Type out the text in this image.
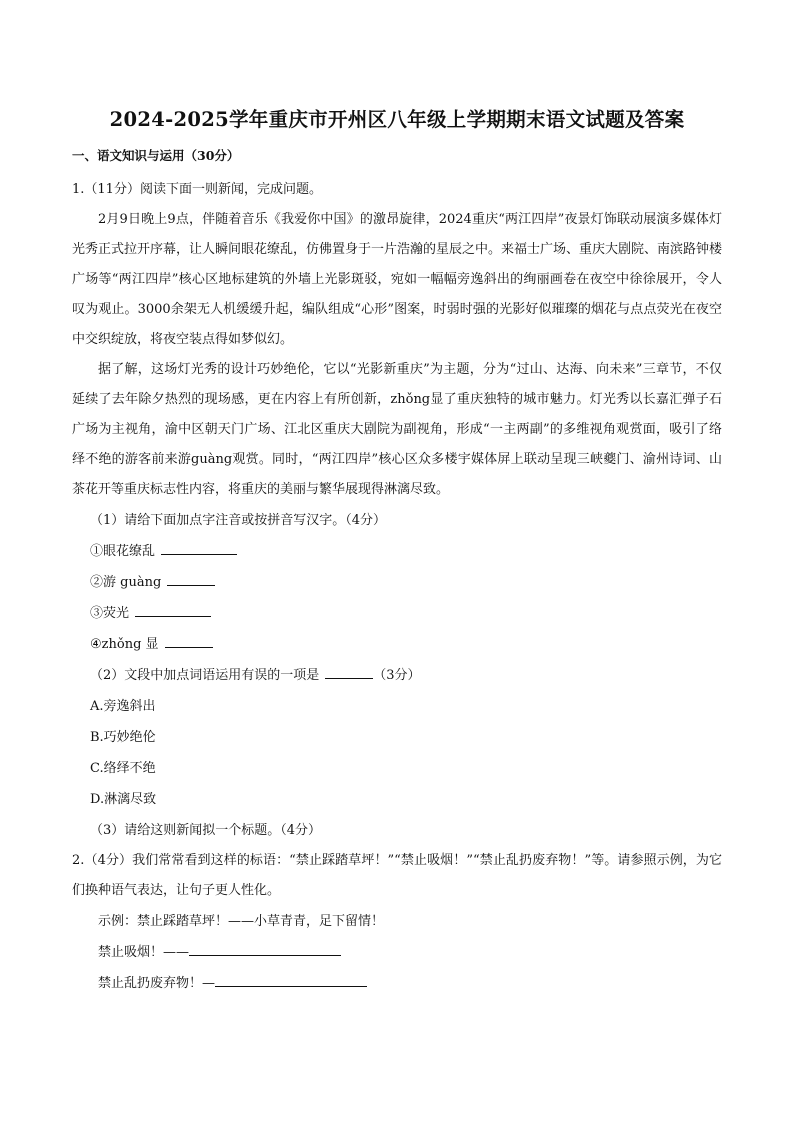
2024-2025学年重庆市开州区八年级上学期期末语文试题及答案
一、语文知识与运用（30分）
1.（11分）阅读下面一则新闻，完成问题。

2月9日晚上9点，伴随着音乐《我爱你中国》的激昂旋律，2024重庆“两江四岸”夜景灯饰联动展演多媒体灯光秀正式拉开序幕，让人瞬间眼花缭乱，仿佛置身于一片浩瀚的星辰之中。来福士广场、重庆大剧院、南滨路钟楼广场等“两江四岸”核心区地标建筑的外墙上光影斑驳，宛如一幅幅旁逸斜出的绚丽画卷在夜空中徐徐展开，令人叹为观止。3000余架无人机缓缓升起，编队组成“心形”图案，时弱时强的光影好似璀璨的烟花与点点荧光在夜空中交织绽放，将夜空装点得如梦似幻。

据了解，这场灯光秀的设计巧妙绝伦，它以“光影新重庆”为主题，分为“过山、达海、向未来”三章节，不仅延续了去年除夕热烈的现场感，更在内容上有所创新，zhǒng显了重庆独特的城市魅力。灯光秀以长嘉汇弹子石广场为主视角，渝中区朝天门广场、江北区重庆大剧院为副视角，形成“一主两副”的多维视角观赏面，吸引了络绎不绝的游客前来游guàng观赏。同时，“两江四岸”核心区众多楼宇媒体屏上联动呈现三峡夔门、渝州诗词、山茶花开等重庆标志性内容，将重庆的美丽与繁华展现得淋漓尽致。

（1）请给下面加点字注音或按拼音写汉字。（4分）
①眼花缭乱
②游 guàng
③荧光
④zhǒng 显
（2）文段中加点词语运用有误的一项是	（3分）
A.旁逸斜出
B.巧妙绝伦
C.络绎不绝
D.淋漓尽致
（3）请给这则新闻拟一个标题。（4分）

2.（4分）我们常常看到这样的标语：“禁止踩踏草坪！”“禁止吸烟！”“禁止乱扔废弃物！”等。请参照示例，为它们换种语气表达，让句子更人性化。

示例：禁止踩踏草坪！——小草青青，足下留情！
禁止吸烟！——
禁止乱扔废弃物！—
